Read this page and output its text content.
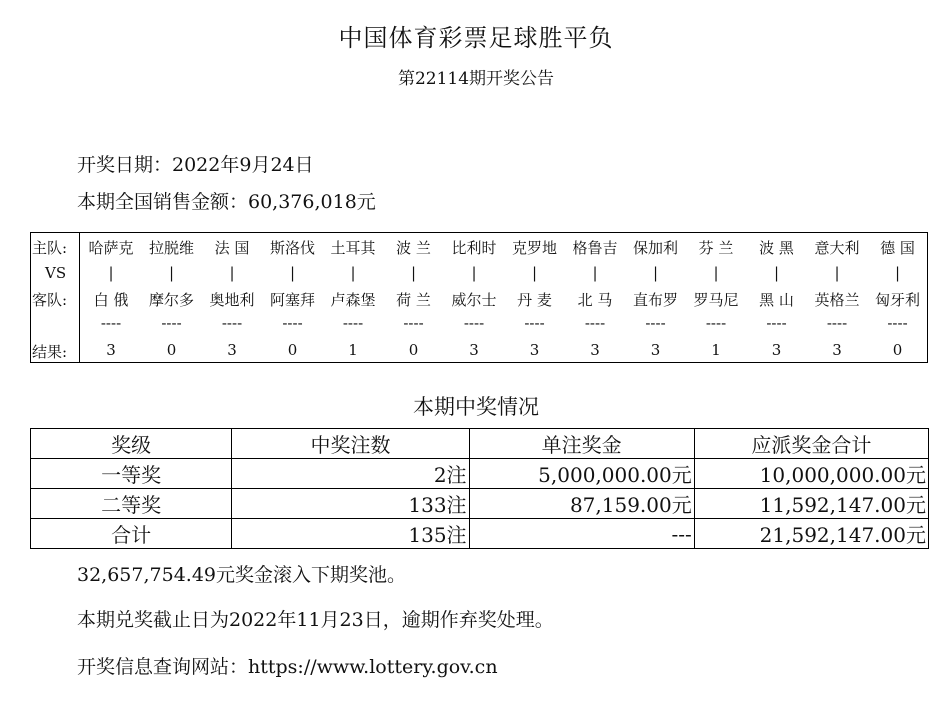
中国体育彩票足球胜平负
第22114期开奖公告
开奖日期：2022年9月24日
本期全国销售金额：60,376,018元
主队:	哈萨克	拉脱维	法 国	斯洛伐	土耳其	波 兰	比利时	克罗地	格鲁吉	保加利	芬 兰	波 黑	意大利	德 国
VS	|	|	|	|	|	|	|	|	|	|	|	|	|	|
客队:	白 俄	摩尔多	奥地利	阿塞拜	卢森堡	荷 兰	威尔士	丹 麦	北 马	直布罗	罗马尼	黑 山	英格兰	匈牙利
----	----	----	----	----	----	----	----	----	----	----	----	----	----
结果:	3	0	3	0	1	0	3	3	3	3	1	3	3	0
本期中奖情况
奖级	中奖注数	单注奖金	应派奖金合计
一等奖	2注	5,000,000.00元	10,000,000.00元
二等奖	133注	87,159.00元	11,592,147.00元
合计	135注	---	21,592,147.00元
32,657,754.49元奖金滚入下期奖池。
本期兑奖截止日为2022年11月23日，逾期作弃奖处理。
开奖信息查询网站：https://www.lottery.gov.cn
